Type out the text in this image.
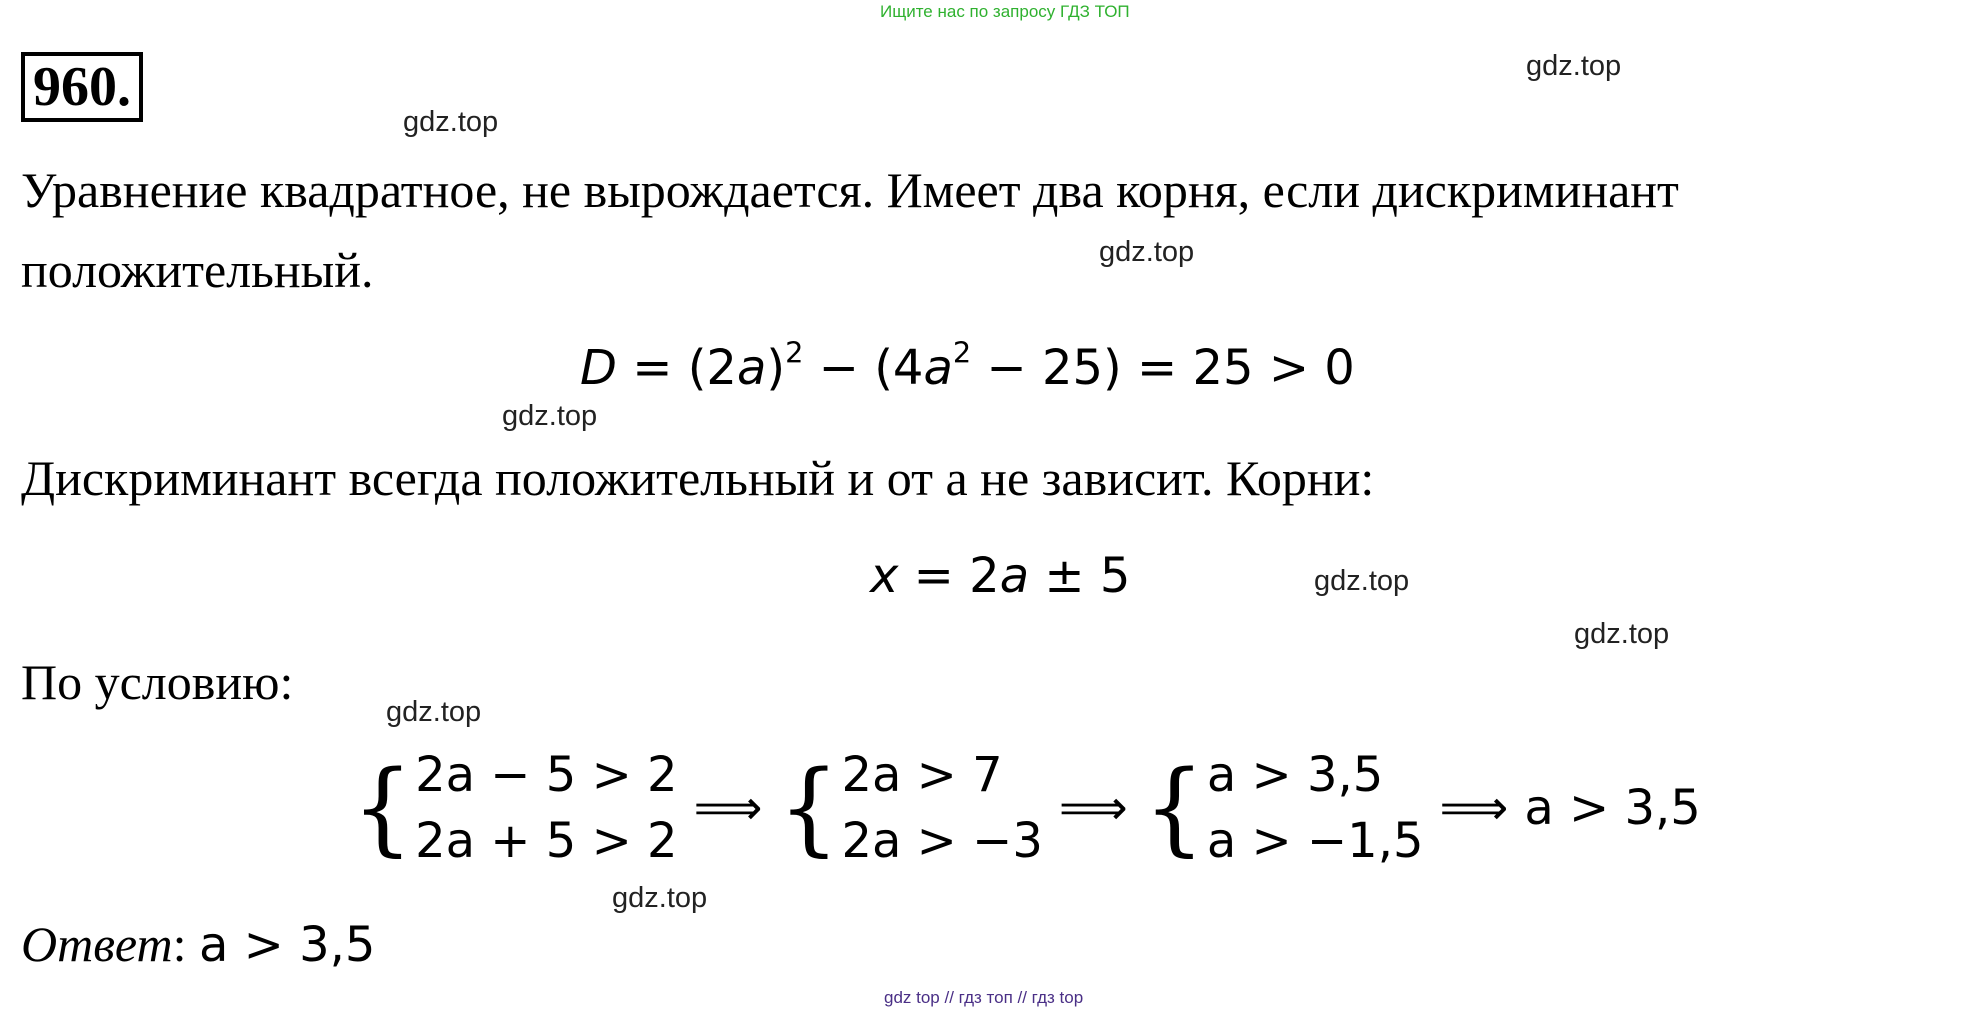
Ищите нас по запросу ГДЗ ТОП
960.	gdz.top
gdz.top
gdz.top
gdz.top
gdz.top
gdz.top
gdz.top
gdz.top
Уравнение квадратное, не вырождается. Имеет два корня, если дискриминант положительный.
$D = (2a)^2 - (4a^2 - 25) = 25 > 0$
Дискриминант всегда положительный и от a не зависит. Корни:
x = 2a ± 5
По условию:
{ 2a − 5 > 2
2a + 5 > 2
⟹ { 2a > 7
2a > −3
⟹ { a > 3,5
a > −1,5
⟹ a > 3,5
Ответ: a > 3,5
gdz top // гдз топ // гдз top
